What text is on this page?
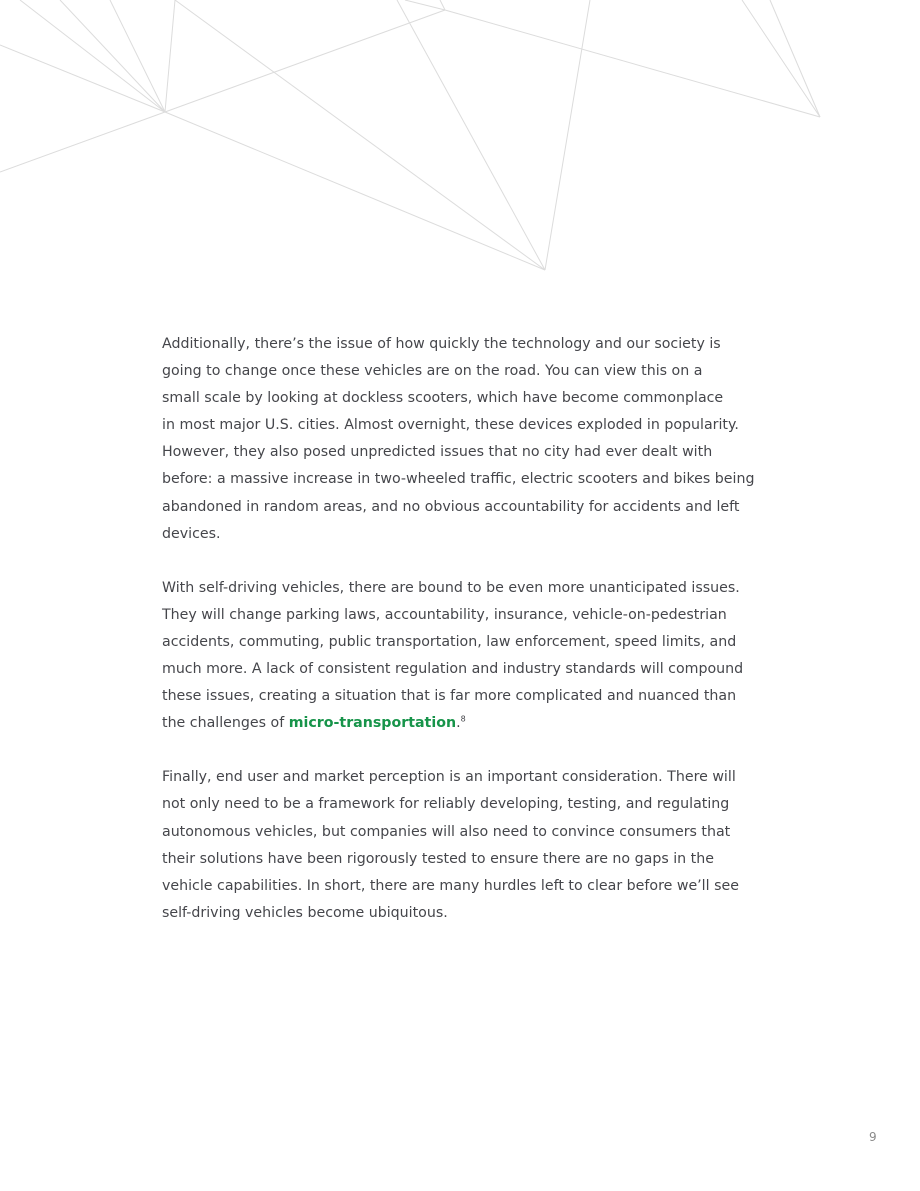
Additionally, there’s the issue of how quickly the technology and our society is
going to change once these vehicles are on the road. You can view this on a
small scale by looking at dockless scooters, which have become commonplace
in most major U.S. cities. Almost overnight, these devices exploded in popularity.
However, they also posed unpredicted issues that no city had ever dealt with
before: a massive increase in two-wheeled traffic, electric scooters and bikes being
abandoned in random areas, and no obvious accountability for accidents and left
devices.

With self-driving vehicles, there are bound to be even more unanticipated issues.
They will change parking laws, accountability, insurance, vehicle-on-pedestrian
accidents, commuting, public transportation, law enforcement, speed limits, and
much more. A lack of consistent regulation and industry standards will compound
these issues, creating a situation that is far more complicated and nuanced than
the challenges of micro-transportation.$^8$

Finally, end user and market perception is an important consideration. There will
not only need to be a framework for reliably developing, testing, and regulating
autonomous vehicles, but companies will also need to convince consumers that
their solutions have been rigorously tested to ensure there are no gaps in the
vehicle capabilities. In short, there are many hurdles left to clear before we’ll see
self-driving vehicles become ubiquitous.

9
